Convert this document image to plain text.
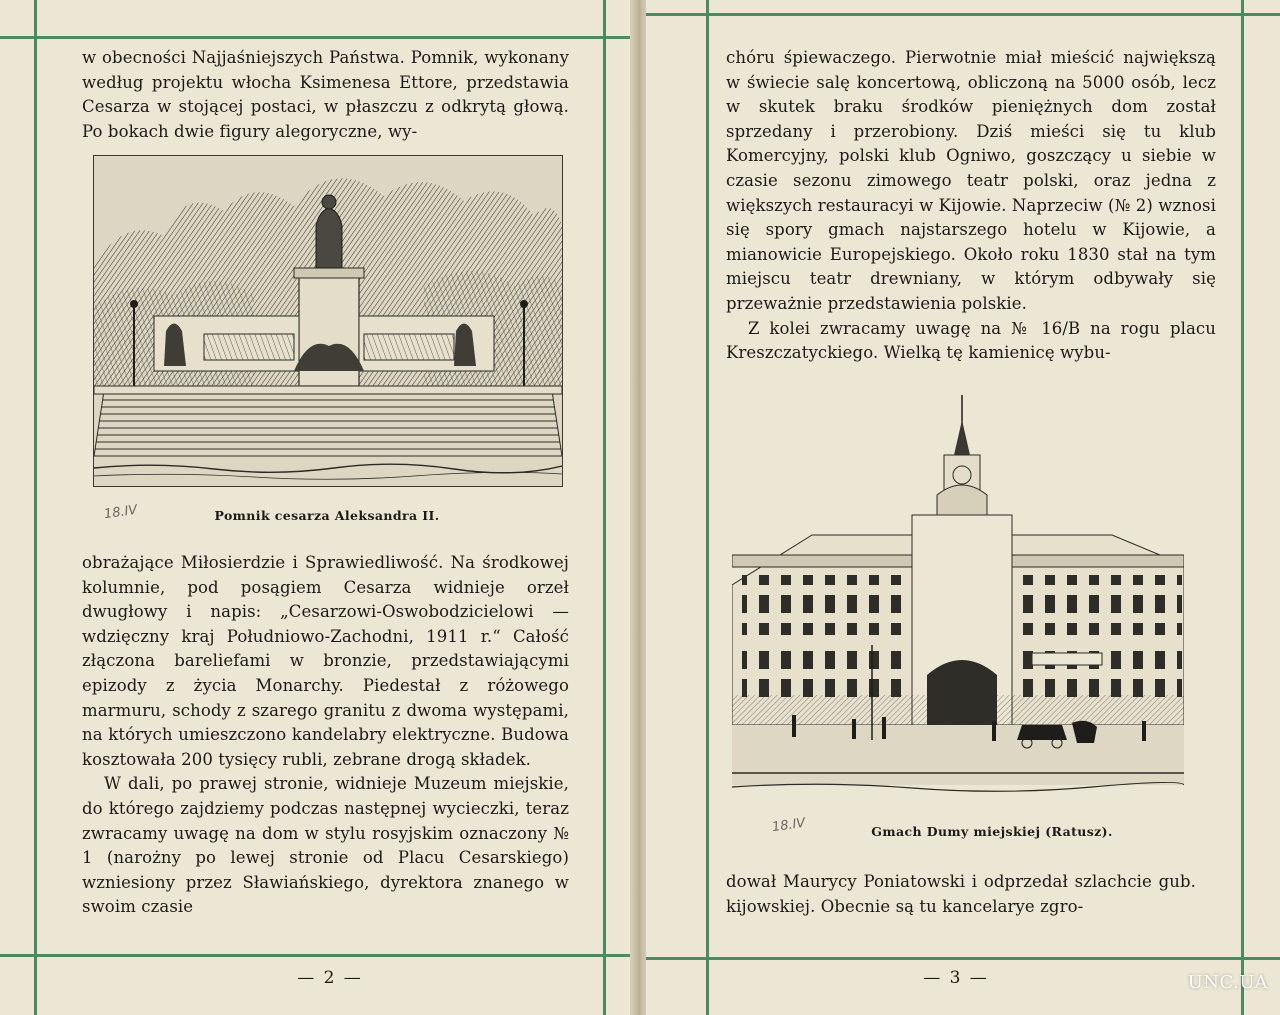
w obecności Najjaśniejszych Państwa. Pomnik, wykonany według projektu włocha Ksimenesa Ettore, przedstawia Cesarza w stojącej postaci, w płaszczu z odkrytą głową. Po bokach dwie figury alegoryczne, wy-

18.IV	Pomnik cesarza Aleksandra II.

obrażające Miłosierdzie i Sprawiedliwość. Na środkowej kolumnie, pod posągiem Cesarza widnieje orzeł dwugłowy i napis: „Cesarzowi-Oswobodzicielowi — wdzięczny kraj Południowo-Zachodni, 1911 r.“ Całość złączona bareliefami w bronzie, przedstawiającymi epizody z życia Monarchy. Piedestał z różowego marmuru, schody z szarego granitu z dwoma występami, na których umieszczono kandelabry elektryczne. Budowa kosztowała 200 tysięcy rubli, zebrane drogą składek.

W dali, po prawej stronie, widnieje Muzeum miejskie, do którego zajdziemy podczas następnej wycieczki, teraz zwracamy uwagę na dom w stylu rosyjskim oznaczony № 1 (narożny po lewej stronie od Placu Cesarskiego) wzniesiony przez Sławiańskiego, dyrektora znanego w swoim czasie

— 2 —

chóru śpiewaczego. Pierwotnie miał mieścić największą w świecie salę koncertową, obliczoną na 5000 osób, lecz w skutek braku środków pieniężnych dom został sprzedany i przerobiony. Dziś mieści się tu klub Komercyjny, polski klub Ogniwo, goszczący u siebie w czasie sezonu zimowego teatr polski, oraz jedna z większych restauracyi w Kijowie. Naprzeciw (№ 2) wznosi się spory gmach najstarszego hotelu w Kijowie, a mianowicie Europejskiego. Około roku 1830 stał na tym miejscu teatr drewniany, w którym odbywały się przeważnie przedstawienia polskie.

Z kolei zwracamy uwagę na № 16/B na rogu placu Kreszczatyckiego. Wielką tę kamienicę wybu-

18.IV	Gmach Dumy miejskiej (Ratusz).

dował Maurycy Poniatowski i odprzedał szlachcie gub. kijowskiej. Obecnie są tu kancelarye zgro-

— 3 —	UNC.UA
